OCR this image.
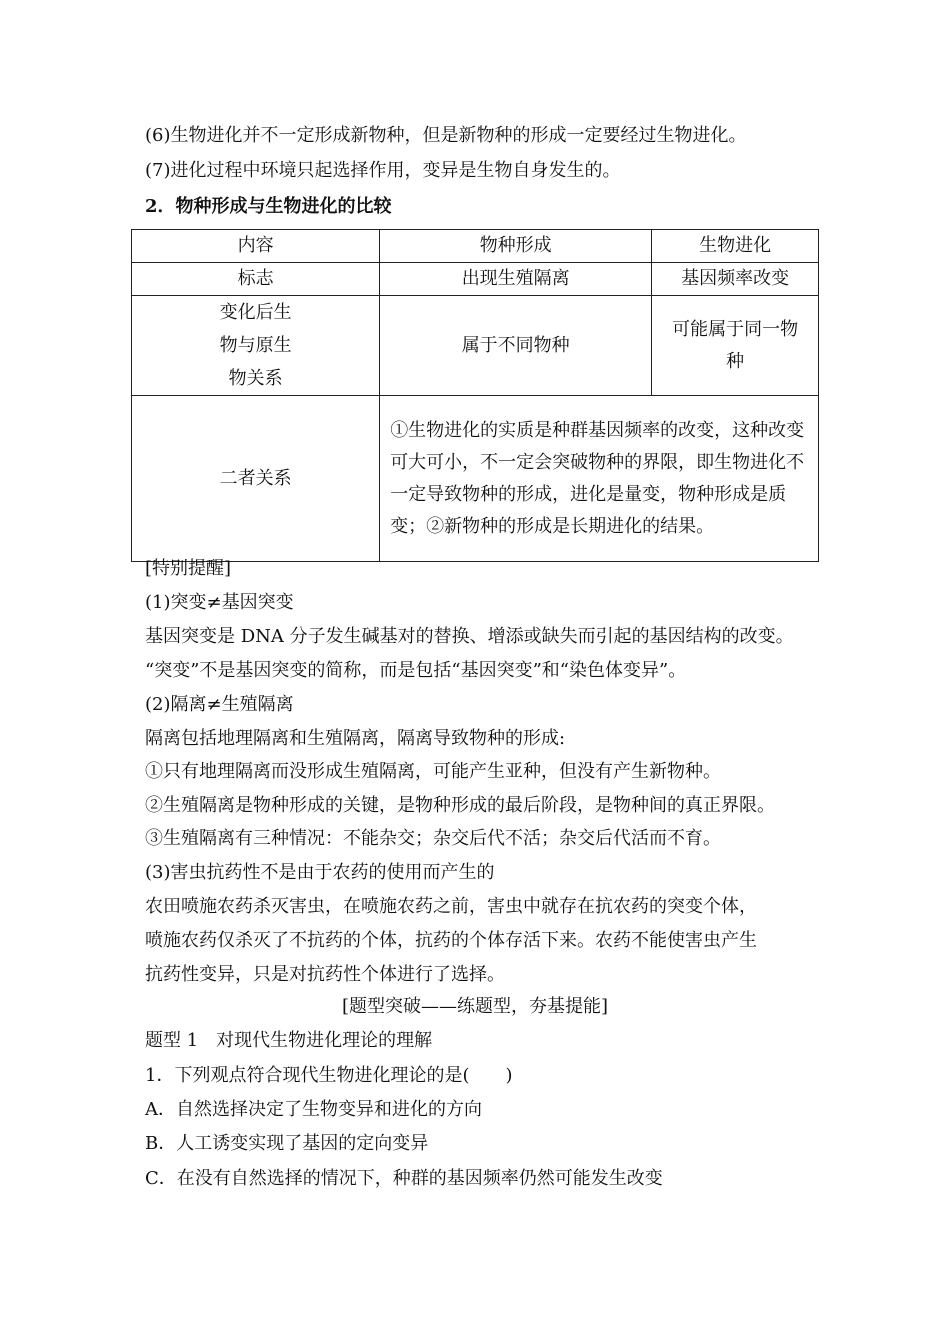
(6)生物进化并不一定形成新物种，但是新物种的形成一定要经过生物进化。
(7)进化过程中环境只起选择作用，变异是生物自身发生的。
2．物种形成与生物进化的比较
内容	物种形成	生物进化
标志	出现生殖隔离	基因频率改变
变化后生
物与原生
物关系	属于不同物种	可能属于同一物种
二者关系	①生物进化的实质是种群基因频率的改变，这种改变可大可小，不一定会突破物种的界限，即生物进化不一定导致物种的形成，进化是量变，物种形成是质变；②新物种的形成是长期进化的结果。	
[特别提醒]
(1)突变≠基因突变
基因突变是 DNA 分子发生碱基对的替换、增添或缺失而引起的基因结构的改变。
“突变”不是基因突变的简称，而是包括“基因突变”和“染色体变异”。
(2)隔离≠生殖隔离
隔离包括地理隔离和生殖隔离，隔离导致物种的形成:
①只有地理隔离而没形成生殖隔离，可能产生亚种，但没有产生新物种。
②生殖隔离是物种形成的关键，是物种形成的最后阶段，是物种间的真正界限。
③生殖隔离有三种情况：不能杂交；杂交后代不活；杂交后代活而不育。
(3)害虫抗药性不是由于农药的使用而产生的
农田喷施农药杀灭害虫，在喷施农药之前，害虫中就存在抗农药的突变个体，
喷施农药仅杀灭了不抗药的个体，抗药的个体存活下来。农药不能使害虫产生
抗药性变异，只是对抗药性个体进行了选择。
[题型突破——练题型，夯基提能]
题型 1　对现代生物进化理论的理解
1．下列观点符合现代生物进化理论的是(　　)
A．自然选择决定了生物变异和进化的方向
B．人工诱变实现了基因的定向变异
C．在没有自然选择的情况下，种群的基因频率仍然可能发生改变
